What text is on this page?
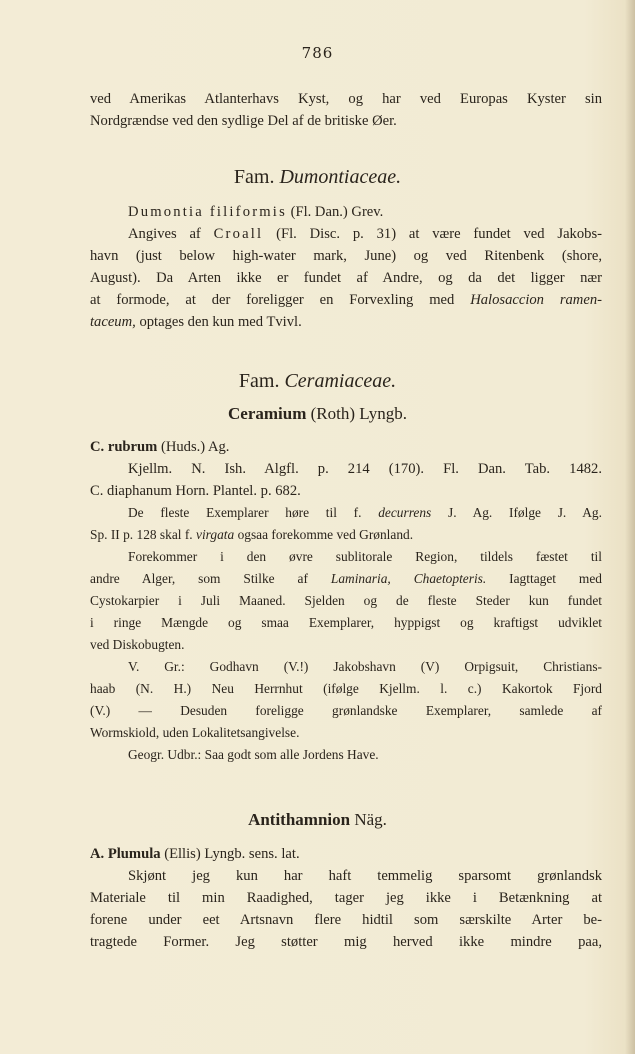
786
ved Amerikas Atlanterhavs Kyst, og har ved Europas Kyster sin
Nordgrændse ved den sydlige Del af de britiske Øer.
Fam. Dumontiaceae.
Dumontia filiformis (Fl. Dan.) Grev.
Angives af Croall (Fl. Disc. p. 31) at være fundet ved Jakobs-
havn (just below high-water mark, June) og ved Ritenbenk (shore,
August). Da Arten ikke er fundet af Andre, og da det ligger nær
at formode, at der foreligger en Forvexling med Halosaccion ramen-
taceum, optages den kun med Tvivl.
Fam. Ceramiaceae.
Ceramium (Roth) Lyngb.
C. rubrum (Huds.) Ag.
Kjellm. N. Ish. Algfl. p. 214 (170). Fl. Dan. Tab. 1482.
C. diaphanum Horn. Plantel. p. 682.
De fleste Exemplarer høre til f. decurrens J. Ag. Ifølge J. Ag.
Sp. II p. 128 skal f. virgata ogsaa forekomme ved Grønland.
Forekommer i den øvre sublitorale Region, tildels fæstet til
andre Alger, som Stilke af Laminaria, Chaetopteris. Iagttaget med
Cystokarpier i Juli Maaned. Sjelden og de fleste Steder kun fundet
i ringe Mængde og smaa Exemplarer, hyppigst og kraftigst udviklet
ved Diskobugten.
V. Gr.: Godhavn (V.!) Jakobshavn (V) Orpigsuit, Christians-
haab (N. H.) Neu Herrnhut (ifølge Kjellm. l. c.) Kakortok Fjord
(V.) — Desuden foreligge grønlandske Exemplarer, samlede af
Wormskiold, uden Lokalitetsangivelse.
Geogr. Udbr.: Saa godt som alle Jordens Have.
Antithamnion Näg.
A. Plumula (Ellis) Lyngb. sens. lat.
Skjønt jeg kun har haft temmelig sparsomt grønlandsk
Materiale til min Raadighed, tager jeg ikke i Betænkning at
forene under eet Artsnavn flere hidtil som særskilte Arter be-
tragtede Former. Jeg støtter mig herved ikke mindre paa,
